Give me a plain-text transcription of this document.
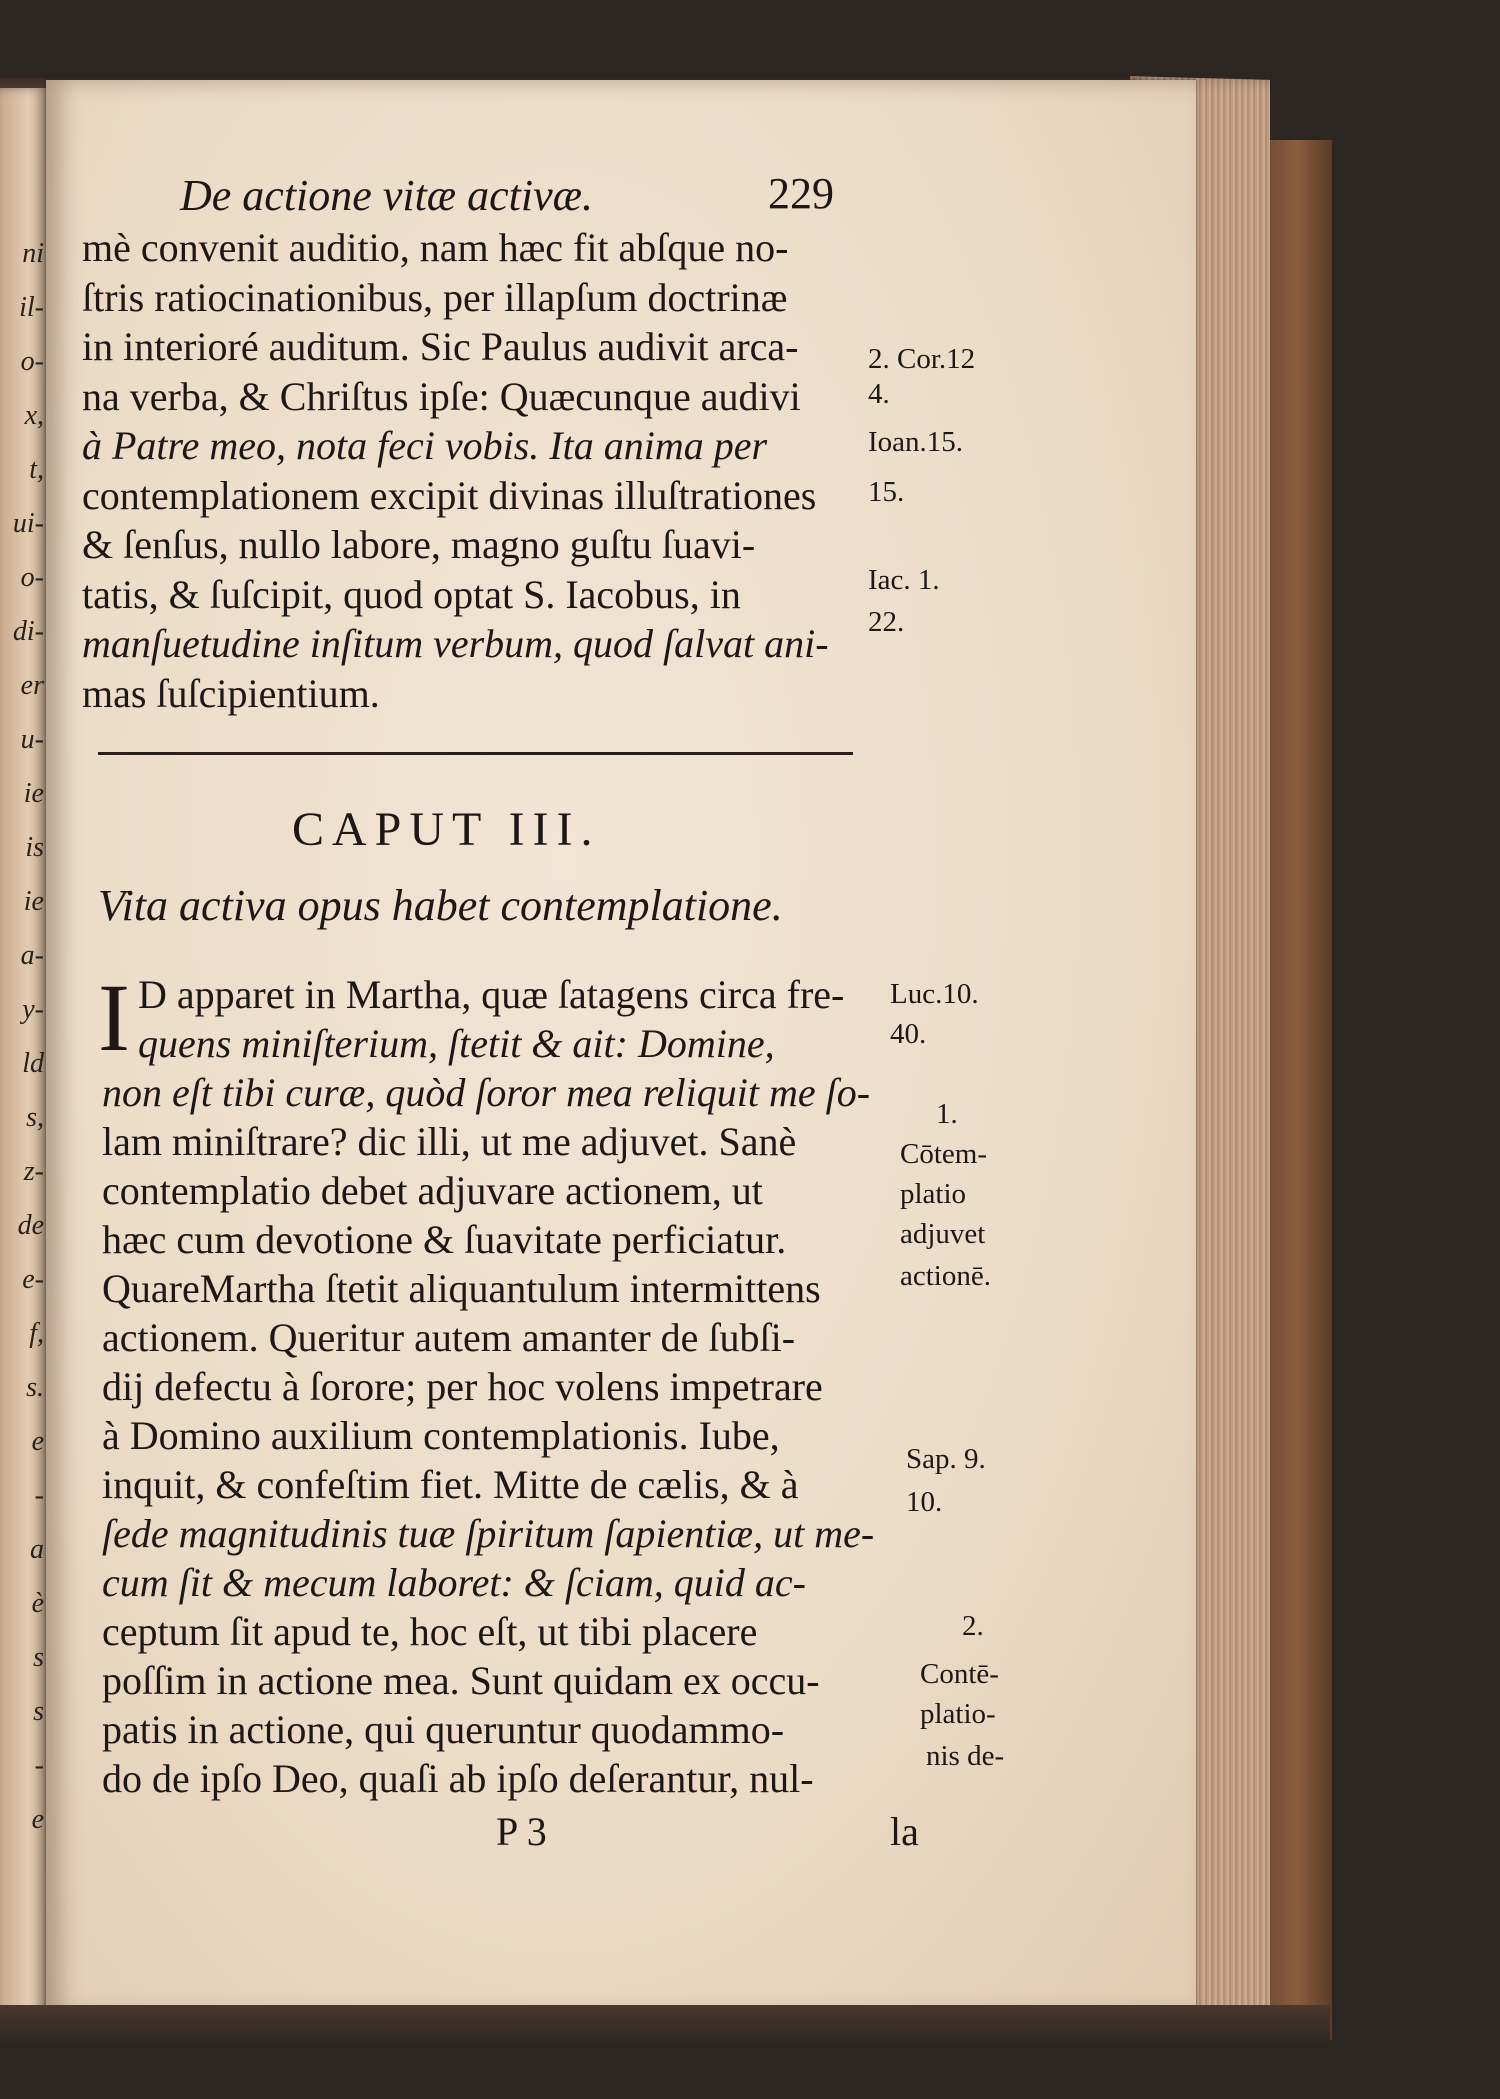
ni
il-
o-
x,
t,
ui-
o-
di-
er
u-
ie
is
ie
a-
y-
ld
s,
z-
de
e-
f,
s.
e
-
a
è
s
s
-
e
De actione vitæ activæ.	229
mè convenit auditio, nam hæc fit abſque no-
ſtris ratiocinationibus, per illapſum doctrinæ
in interioré auditum. Sic Paulus audivit arca-
na verba, & Chriſtus ipſe: Quæcunque audivi
à Patre meo, nota feci vobis. Ita anima per
contemplationem excipit divinas illuſtrationes
& ſenſus, nullo labore, magno guſtu ſuavi-
tatis, & ſuſcipit, quod optat S. Iacobus, in
manſuetudine inſitum verbum, quod ſalvat ani-
mas ſuſcipientium.
2. Cor.12
4.
Ioan.15.
15.
Iac. 1.
22.
CAPUT III.
Vita activa opus habet contemplatione.
I D apparet in Martha, quæ ſatagens circa fre-
quens miniſterium, ſtetit & ait: Domine,
non eſt tibi curæ, quòd ſoror mea reliquit me ſo-
lam miniſtrare? dic illi, ut me adjuvet. Sanè
contemplatio debet adjuvare actionem, ut
hæc cum devotione & ſuavitate perficiatur.
QuareMartha ſtetit aliquantulum intermittens
actionem. Queritur autem amanter de ſubſi-
dij defectu à ſorore; per hoc volens impetrare
à Domino auxilium contemplationis. Iube,
inquit, & confeſtim fiet. Mitte de cælis, & à
ſede magnitudinis tuæ ſpiritum ſapientiæ, ut me-
cum ſit & mecum laboret: & ſciam, quid ac-
ceptum ſit apud te, hoc eſt, ut tibi placere
poſſim in actione mea. Sunt quidam ex occu-
patis in actione, qui queruntur quodammo-
do de ipſo Deo, quaſi ab ipſo deſerantur, nul-
Luc.10.
40.
1.
Cōtem-
platio
adjuvet
actionē.
Sap. 9.
10.
2.
Contē-
platio-
nis de-
P 3	la
